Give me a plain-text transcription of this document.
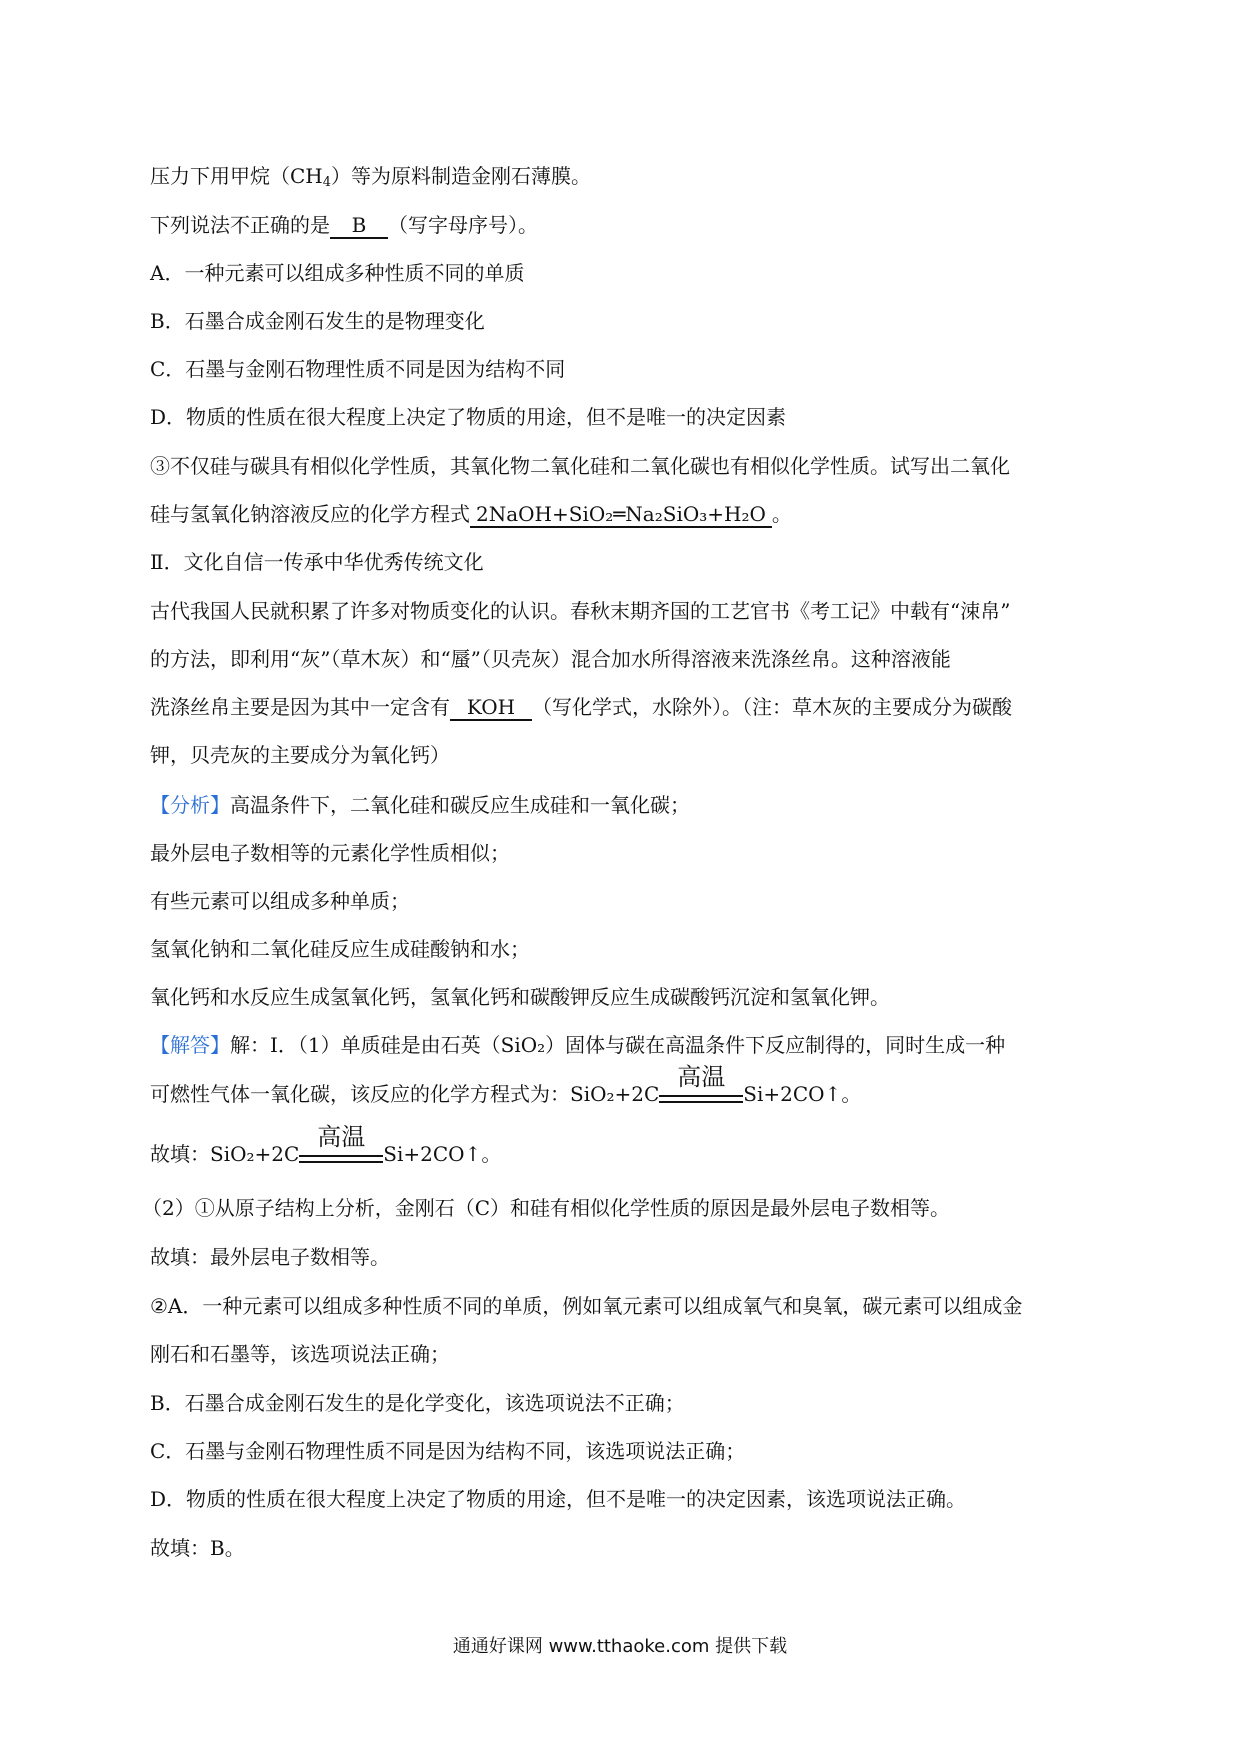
压力下用甲烷$(CH_4)$等为原料制造金刚石薄膜。
下列说法不正确的是 B （写字母序号）。
A．一种元素可以组成多种性质不同的单质
B．石墨合成金刚石发生的是物理变化
C．石墨与金刚石物理性质不同是因为结构不同
D．物质的性质在很大程度上决定了物质的用途，但不是唯一的决定因素
③不仅硅与碳具有相似化学性质，其氧化物二氧化硅和二氧化碳也有相似化学性质。试写出二氧化
硅与氢氧化钠溶液反应的化学方程式 2NaOH+SiO₂═Na₂SiO₃+H₂O 。
Ⅱ．文化自信一传承中华优秀传统文化
古代我国人民就积累了许多对物质变化的认识。春秋末期齐国的工艺官书《考工记》中载有“涑帛”
的方法，即利用“灰”（草木灰）和“蜃”（贝壳灰）混合加水所得溶液来洗涤丝帛。这种溶液能
洗涤丝帛主要是因为其中一定含有 KOH （写化学式，水除外）。（注：草木灰的主要成分为碳酸
钾，贝壳灰的主要成分为氧化钙）
【分析】高温条件下，二氧化硅和碳反应生成硅和一氧化碳；
最外层电子数相等的元素化学性质相似；
有些元素可以组成多种单质；
氢氧化钠和二氧化硅反应生成硅酸钠和水；
氧化钙和水反应生成氢氧化钙，氢氧化钙和碳酸钾反应生成碳酸钙沉淀和氢氧化钾。
【解答】解：I．（1）单质硅是由石英（SiO₂）固体与碳在高温条件下反应制得的，同时生成一种
可燃性气体一氧化碳，该反应的化学方程式为：SiO₂+2C
高温
Si+2CO↑。
故填：SiO₂+2C
高温
Si+2CO↑。
（2）①从原子结构上分析，金刚石（C）和硅有相似化学性质的原因是最外层电子数相等。
故填：最外层电子数相等。
②A．一种元素可以组成多种性质不同的单质，例如氧元素可以组成氧气和臭氧，碳元素可以组成金
刚石和石墨等，该选项说法正确；
B．石墨合成金刚石发生的是化学变化，该选项说法不正确；
C．石墨与金刚石物理性质不同是因为结构不同，该选项说法正确；
D．物质的性质在很大程度上决定了物质的用途，但不是唯一的决定因素，该选项说法正确。
故填：B。
通通好课网 www.tthaoke.com 提供下载
